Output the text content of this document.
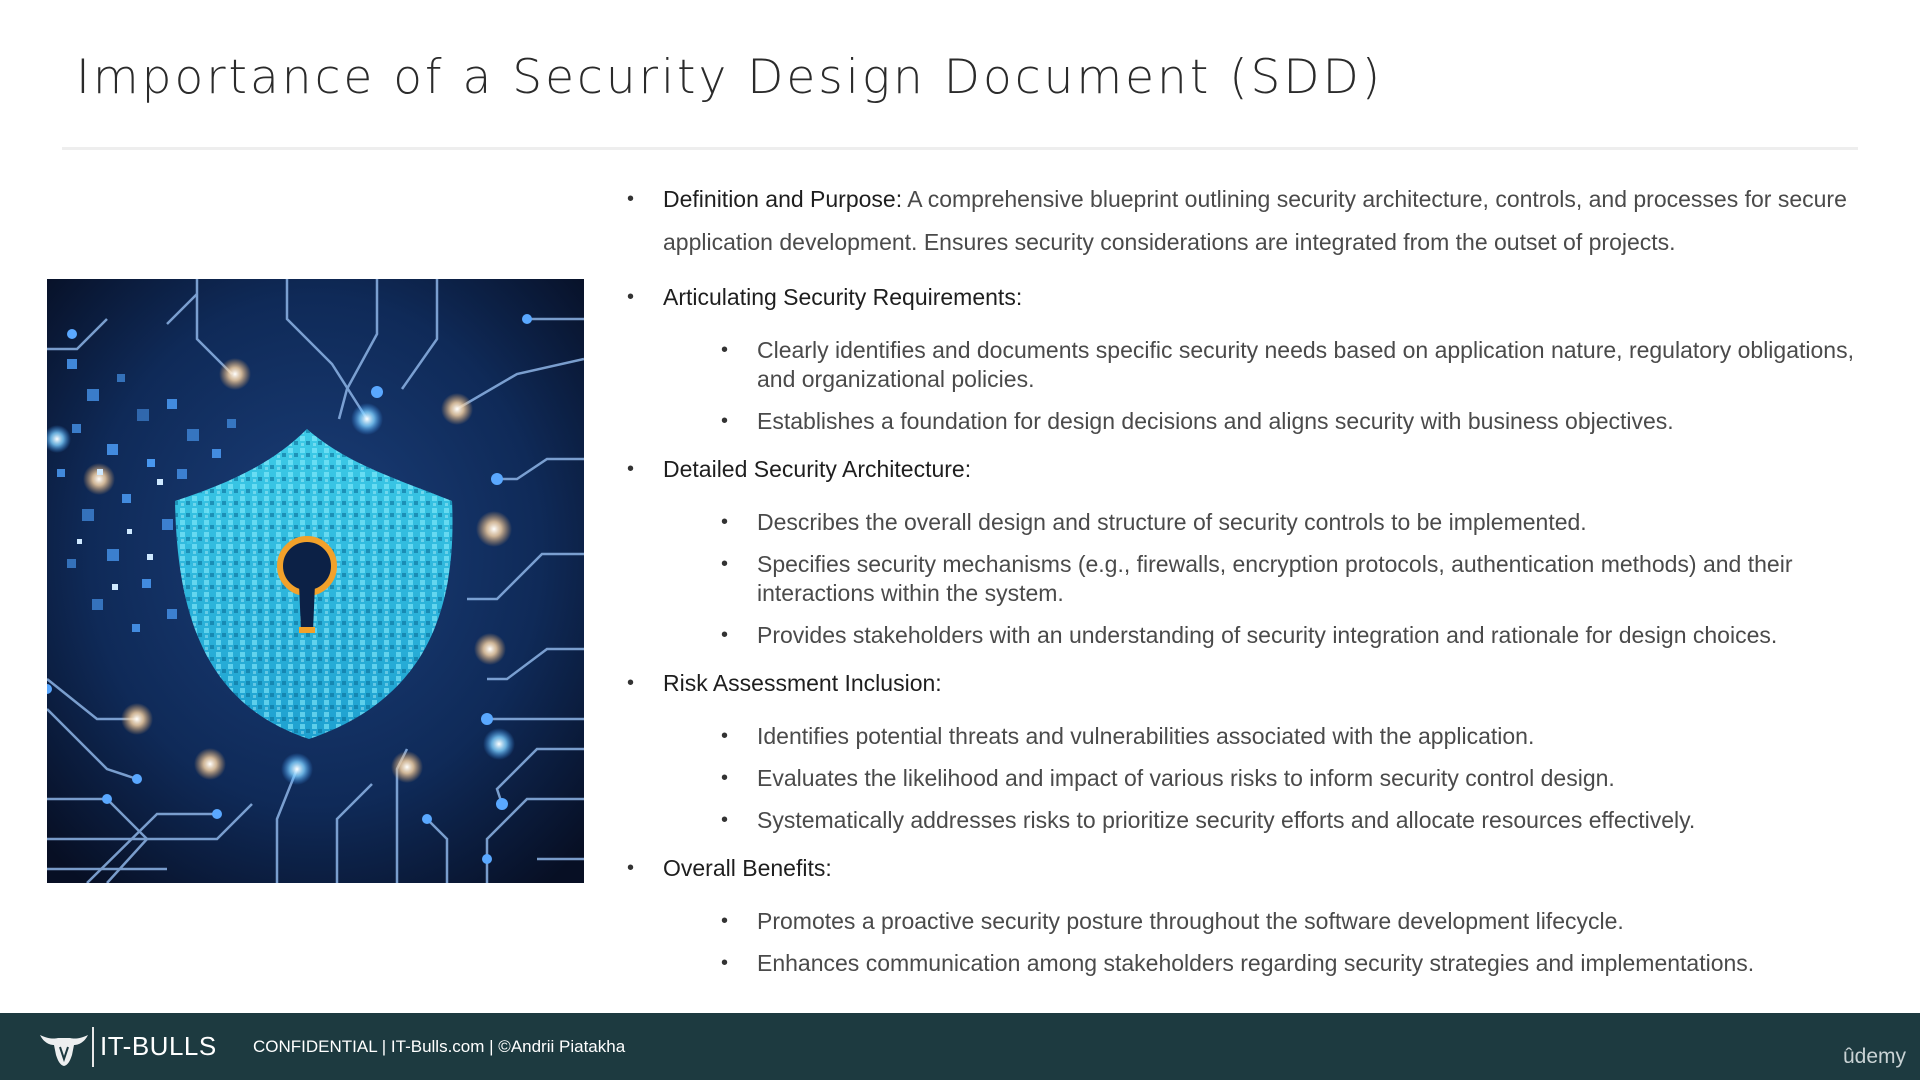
Importance of a Security Design Document (SDD)
• Definition and Purpose: A comprehensive blueprint outlining security architecture, controls, and processes for secure application development. Ensures security considerations are integrated from the outset of projects.
• Articulating Security Requirements:
• Clearly identifies and documents specific security needs based on application nature, regulatory obligations, and organizational policies.
• Establishes a foundation for design decisions and aligns security with business objectives.
• Detailed Security Architecture:
• Describes the overall design and structure of security controls to be implemented.
• Specifies security mechanisms (e.g., firewalls, encryption protocols, authentication methods) and their interactions within the system.
• Provides stakeholders with an understanding of security integration and rationale for design choices.
• Risk Assessment Inclusion:
• Identifies potential threats and vulnerabilities associated with the application.
• Evaluates the likelihood and impact of various risks to inform security control design.
• Systematically addresses risks to prioritize security efforts and allocate resources effectively.
• Overall Benefits:
• Promotes a proactive security posture throughout the software development lifecycle.
• Enhances communication among stakeholders regarding security strategies and implementations.
IT-BULLS CONFIDENTIAL | IT-Bulls.com | ©Andrii Piatakha	ûdemy
